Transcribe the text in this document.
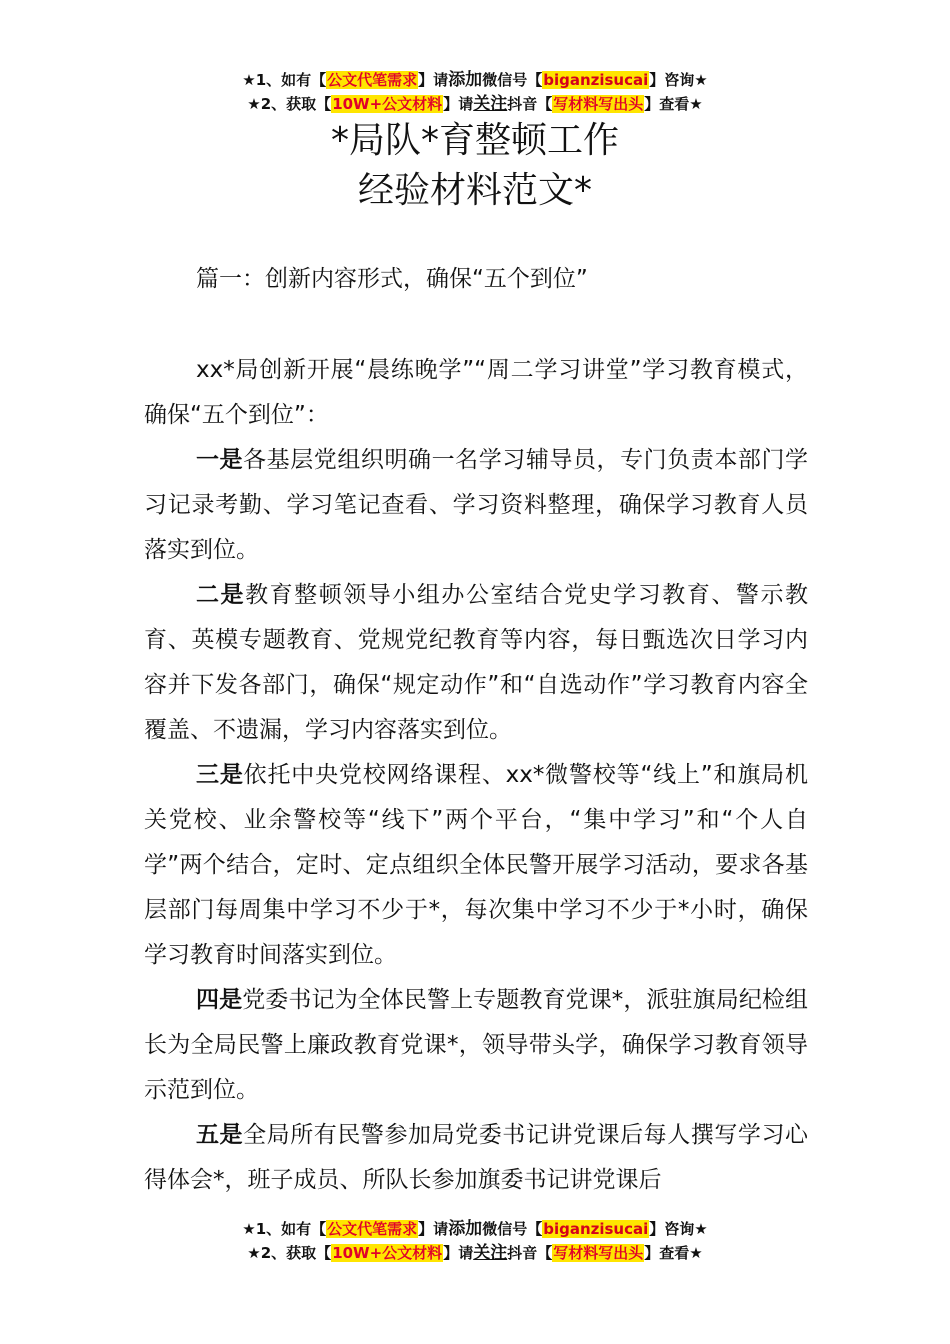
★1、如有【公文代笔需求】请添加微信号【biganzisucai】咨询★
★2、获取【10W+公文材料】请关注抖音【写材料写出头】查看★
*局队*育整顿工作
经验材料范文*
篇一：创新内容形式，确保“五个到位”

xx*局创新开展“晨练晚学”“周二学习讲堂”学习教育模式，确保“五个到位”：

一是各基层党组织明确一名学习辅导员，专门负责本部门学习记录考勤、学习笔记查看、学习资料整理，确保学习教育人员落实到位。

二是教育整顿领导小组办公室结合党史学习教育、警示教育、英模专题教育、党规党纪教育等内容，每日甄选次日学习内容并下发各部门，确保“规定动作”和“自选动作”学习教育内容全覆盖、不遗漏，学习内容落实到位。

三是依托中央党校网络课程、xx*微警校等“线上”和旗局机关党校、业余警校等“线下”两个平台，“集中学习”和“个人自学”两个结合，定时、定点组织全体民警开展学习活动，要求各基层部门每周集中学习不少于*，每次集中学习不少于*小时，确保学习教育时间落实到位。

四是党委书记为全体民警上专题教育党课*，派驻旗局纪检组长为全局民警上廉政教育党课*，领导带头学，确保学习教育领导示范到位。

五是全局所有民警参加局党委书记讲党课后每人撰写学习心得体会*，班子成员、所队长参加旗委书记讲党课后

★1、如有【公文代笔需求】请添加微信号【biganzisucai】咨询★
★2、获取【10W+公文材料】请关注抖音【写材料写出头】查看★
